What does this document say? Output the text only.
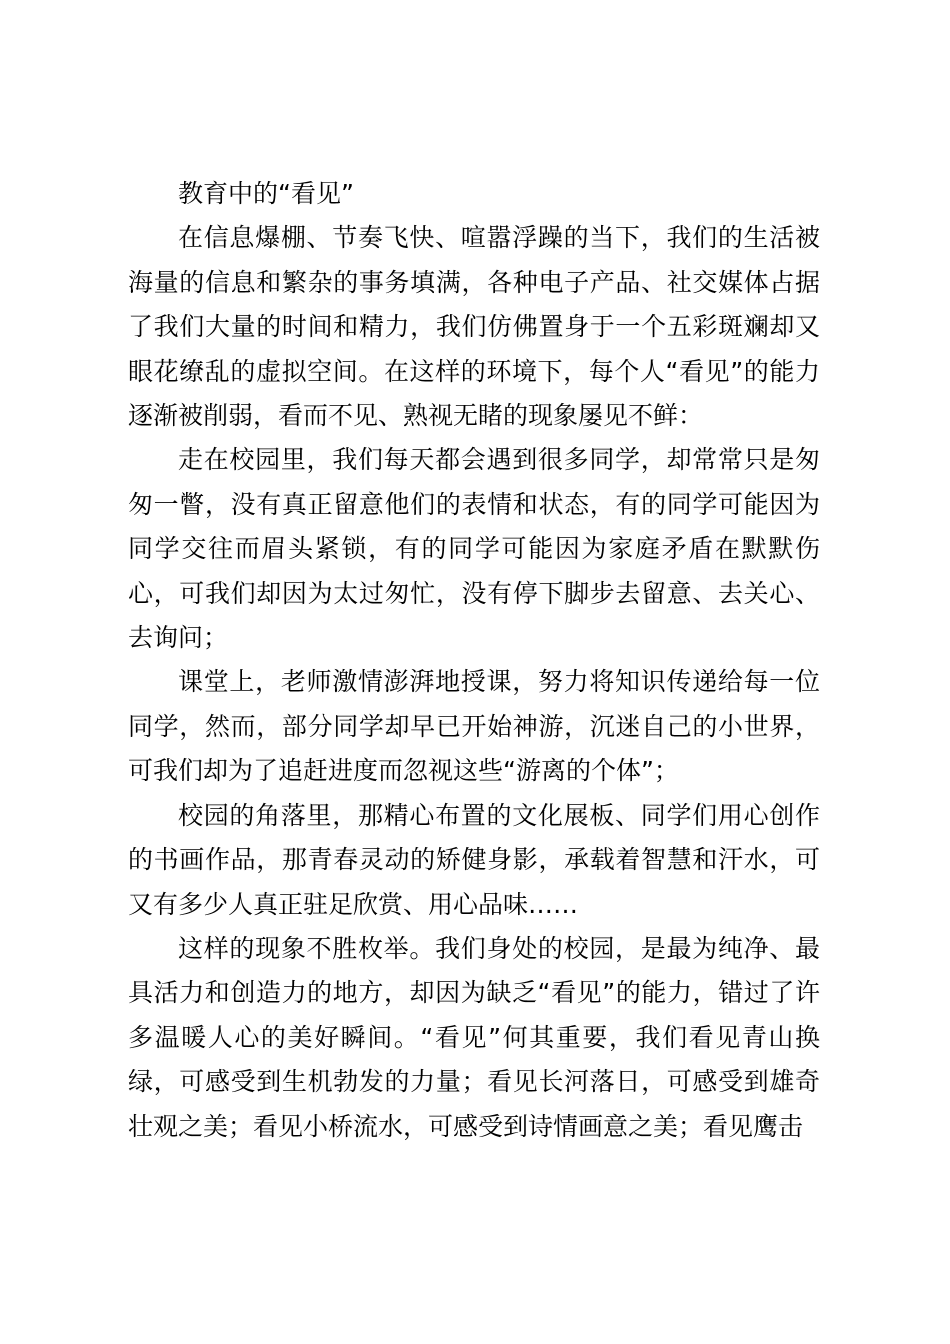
教育中的“看见”

在信息爆棚、节奏飞快、喧嚣浮躁的当下，我们的生活被海量的信息和繁杂的事务填满，各种电子产品、社交媒体占据了我们大量的时间和精力，我们仿佛置身于一个五彩斑斓却又眼花缭乱的虚拟空间。在这样的环境下，每个人“看见”的能力逐渐被削弱，看而不见、熟视无睹的现象屡见不鲜：

走在校园里，我们每天都会遇到很多同学，却常常只是匆匆一瞥，没有真正留意他们的表情和状态，有的同学可能因为同学交往而眉头紧锁，有的同学可能因为家庭矛盾在默默伤心，可我们却因为太过匆忙，没有停下脚步去留意、去关心、去询问；

课堂上，老师激情澎湃地授课，努力将知识传递给每一位同学，然而，部分同学却早已开始神游，沉迷自己的小世界，可我们却为了追赶进度而忽视这些“游离的个体”；

校园的角落里，那精心布置的文化展板、同学们用心创作的书画作品，那青春灵动的矫健身影，承载着智慧和汗水，可又有多少人真正驻足欣赏、用心品味……

这样的现象不胜枚举。我们身处的校园，是最为纯净、最具活力和创造力的地方，却因为缺乏“看见”的能力，错过了许多温暖人心的美好瞬间。“看见”何其重要，我们看见青山换绿，可感受到生机勃发的力量；看见长河落日，可感受到雄奇壮观之美；看见小桥流水，可感受到诗情画意之美；看见鹰击
